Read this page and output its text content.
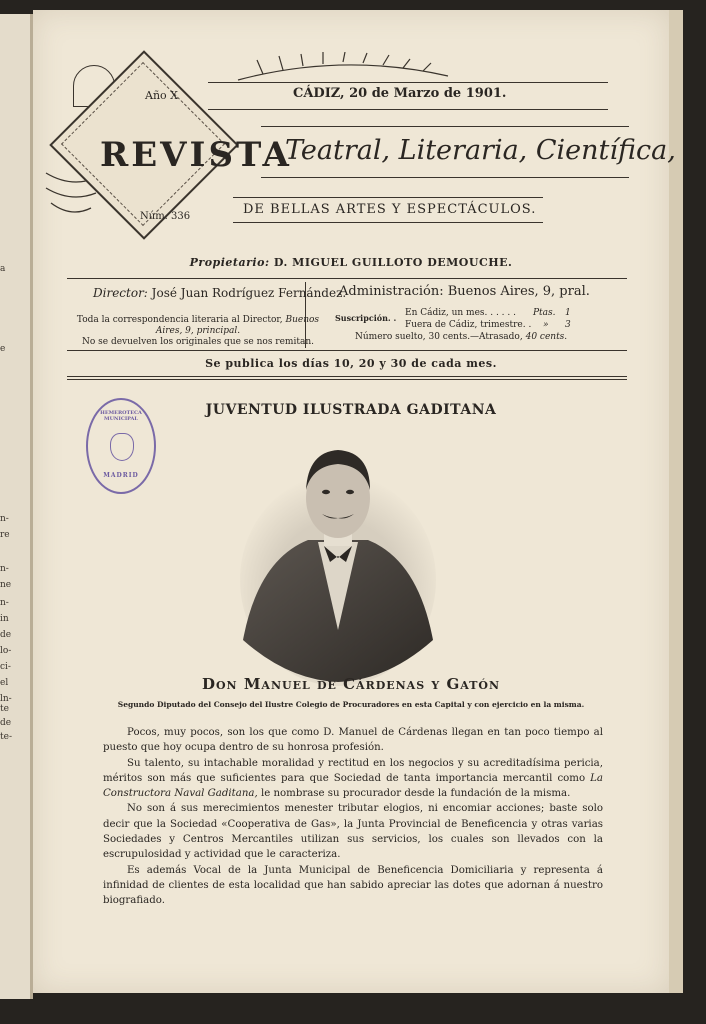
a
e
n-
re
n-
ne
n-
in
de
lo-
ci-
el
ln-
te
de
te-
Año X	CÁDIZ, 20 de Marzo de 1901.
REVISTA
Teatral, Literaria, Científica,
Núm. 336	DE BELLAS ARTES Y ESPECTÁCULOS.
Propietario: D. MIGUEL GUILLOTO DEMOUCHE.
Director: José Juan Rodríguez Fernández.
Toda la correspondencia literaria al Director, Buenos Aires, 9, principal.
No se devuelven los originales que se nos remitan.
Administración: Buenos Aires, 9, pral.
Suscripción. . En Cádiz, un mes. . . . . . Ptas. 1
Fuera de Cádiz, trimestre. . » 3
Número suelto, 30 cents.—Atrasado, 40 cents.
Se publica los días 10, 20 y 30 de cada mes.
HEMEROTECA MUNICIPAL
MADRID
JUVENTUD ILUSTRADA GADITANA
Don Manuel de Cárdenas y Gatón
Segundo Diputado del Consejo del Ilustre Colegio de Procuradores en esta Capital y con ejercicio en la misma.

Pocos, muy pocos, son los que como D. Manuel de Cárdenas llegan en tan poco tiempo al puesto que hoy ocupa dentro de su honrosa profesión.

Su talento, su intachable moralidad y rectitud en los negocios y su acreditadísima pericia, méritos son más que suficientes para que Sociedad de tanta importancia mercantil como La Constructora Naval Gaditana, le nombrase su procurador desde la fundación de la misma.

No son á sus merecimientos menester tributar elogios, ni encomiar acciones; baste solo decir que la Sociedad «Cooperativa de Gas», la Junta Provincial de Beneficencia y otras varias Sociedades y Centros Mercantiles utilizan sus servicios, los cuales son llevados con la escrupulosidad y actividad que le caracteriza.

Es además Vocal de la Junta Municipal de Beneficencia Domiciliaria y representa á infinidad de clientes de esta localidad que han sabido apreciar las dotes que adornan á nuestro biografiado.
